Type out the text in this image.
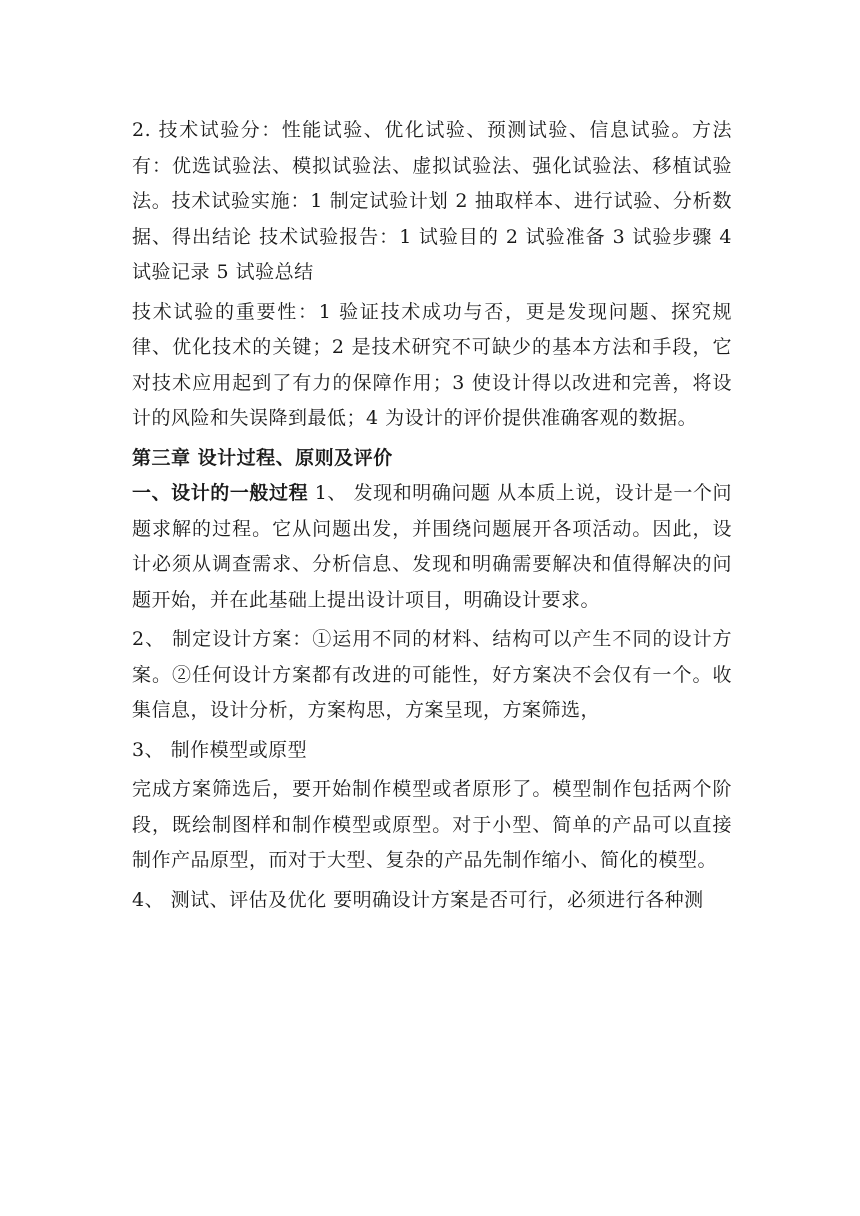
2. 技术试验分：性能试验、优化试验、预测试验、信息试验。方法有：优选试验法、模拟试验法、虚拟试验法、强化试验法、移植试验法。技术试验实施：1 制定试验计划 2 抽取样本、进行试验、分析数据、得出结论 技术试验报告：1 试验目的 2 试验准备 3 试验步骤 4 试验记录 5 试验总结

技术试验的重要性：1 验证技术成功与否，更是发现问题、探究规律、优化技术的关键；2 是技术研究不可缺少的基本方法和手段，它对技术应用起到了有力的保障作用；3 使设计得以改进和完善，将设计的风险和失误降到最低；4 为设计的评价提供准确客观的数据。

第三章 设计过程、原则及评价

一、设计的一般过程 1、 发现和明确问题 从本质上说，设计是一个问题求解的过程。它从问题出发，并围绕问题展开各项活动。因此，设计必须从调查需求、分析信息、发现和明确需要解决和值得解决的问题开始，并在此基础上提出设计项目，明确设计要求。

2、 制定设计方案：①运用不同的材料、结构可以产生不同的设计方案。②任何设计方案都有改进的可能性，好方案决不会仅有一个。收集信息，设计分析，方案构思，方案呈现，方案筛选，

3、 制作模型或原型

完成方案筛选后，要开始制作模型或者原形了。模型制作包括两个阶段，既绘制图样和制作模型或原型。对于小型、简单的产品可以直接制作产品原型，而对于大型、复杂的产品先制作缩小、简化的模型。

4、 测试、评估及优化 要明确设计方案是否可行，必须进行各种测
